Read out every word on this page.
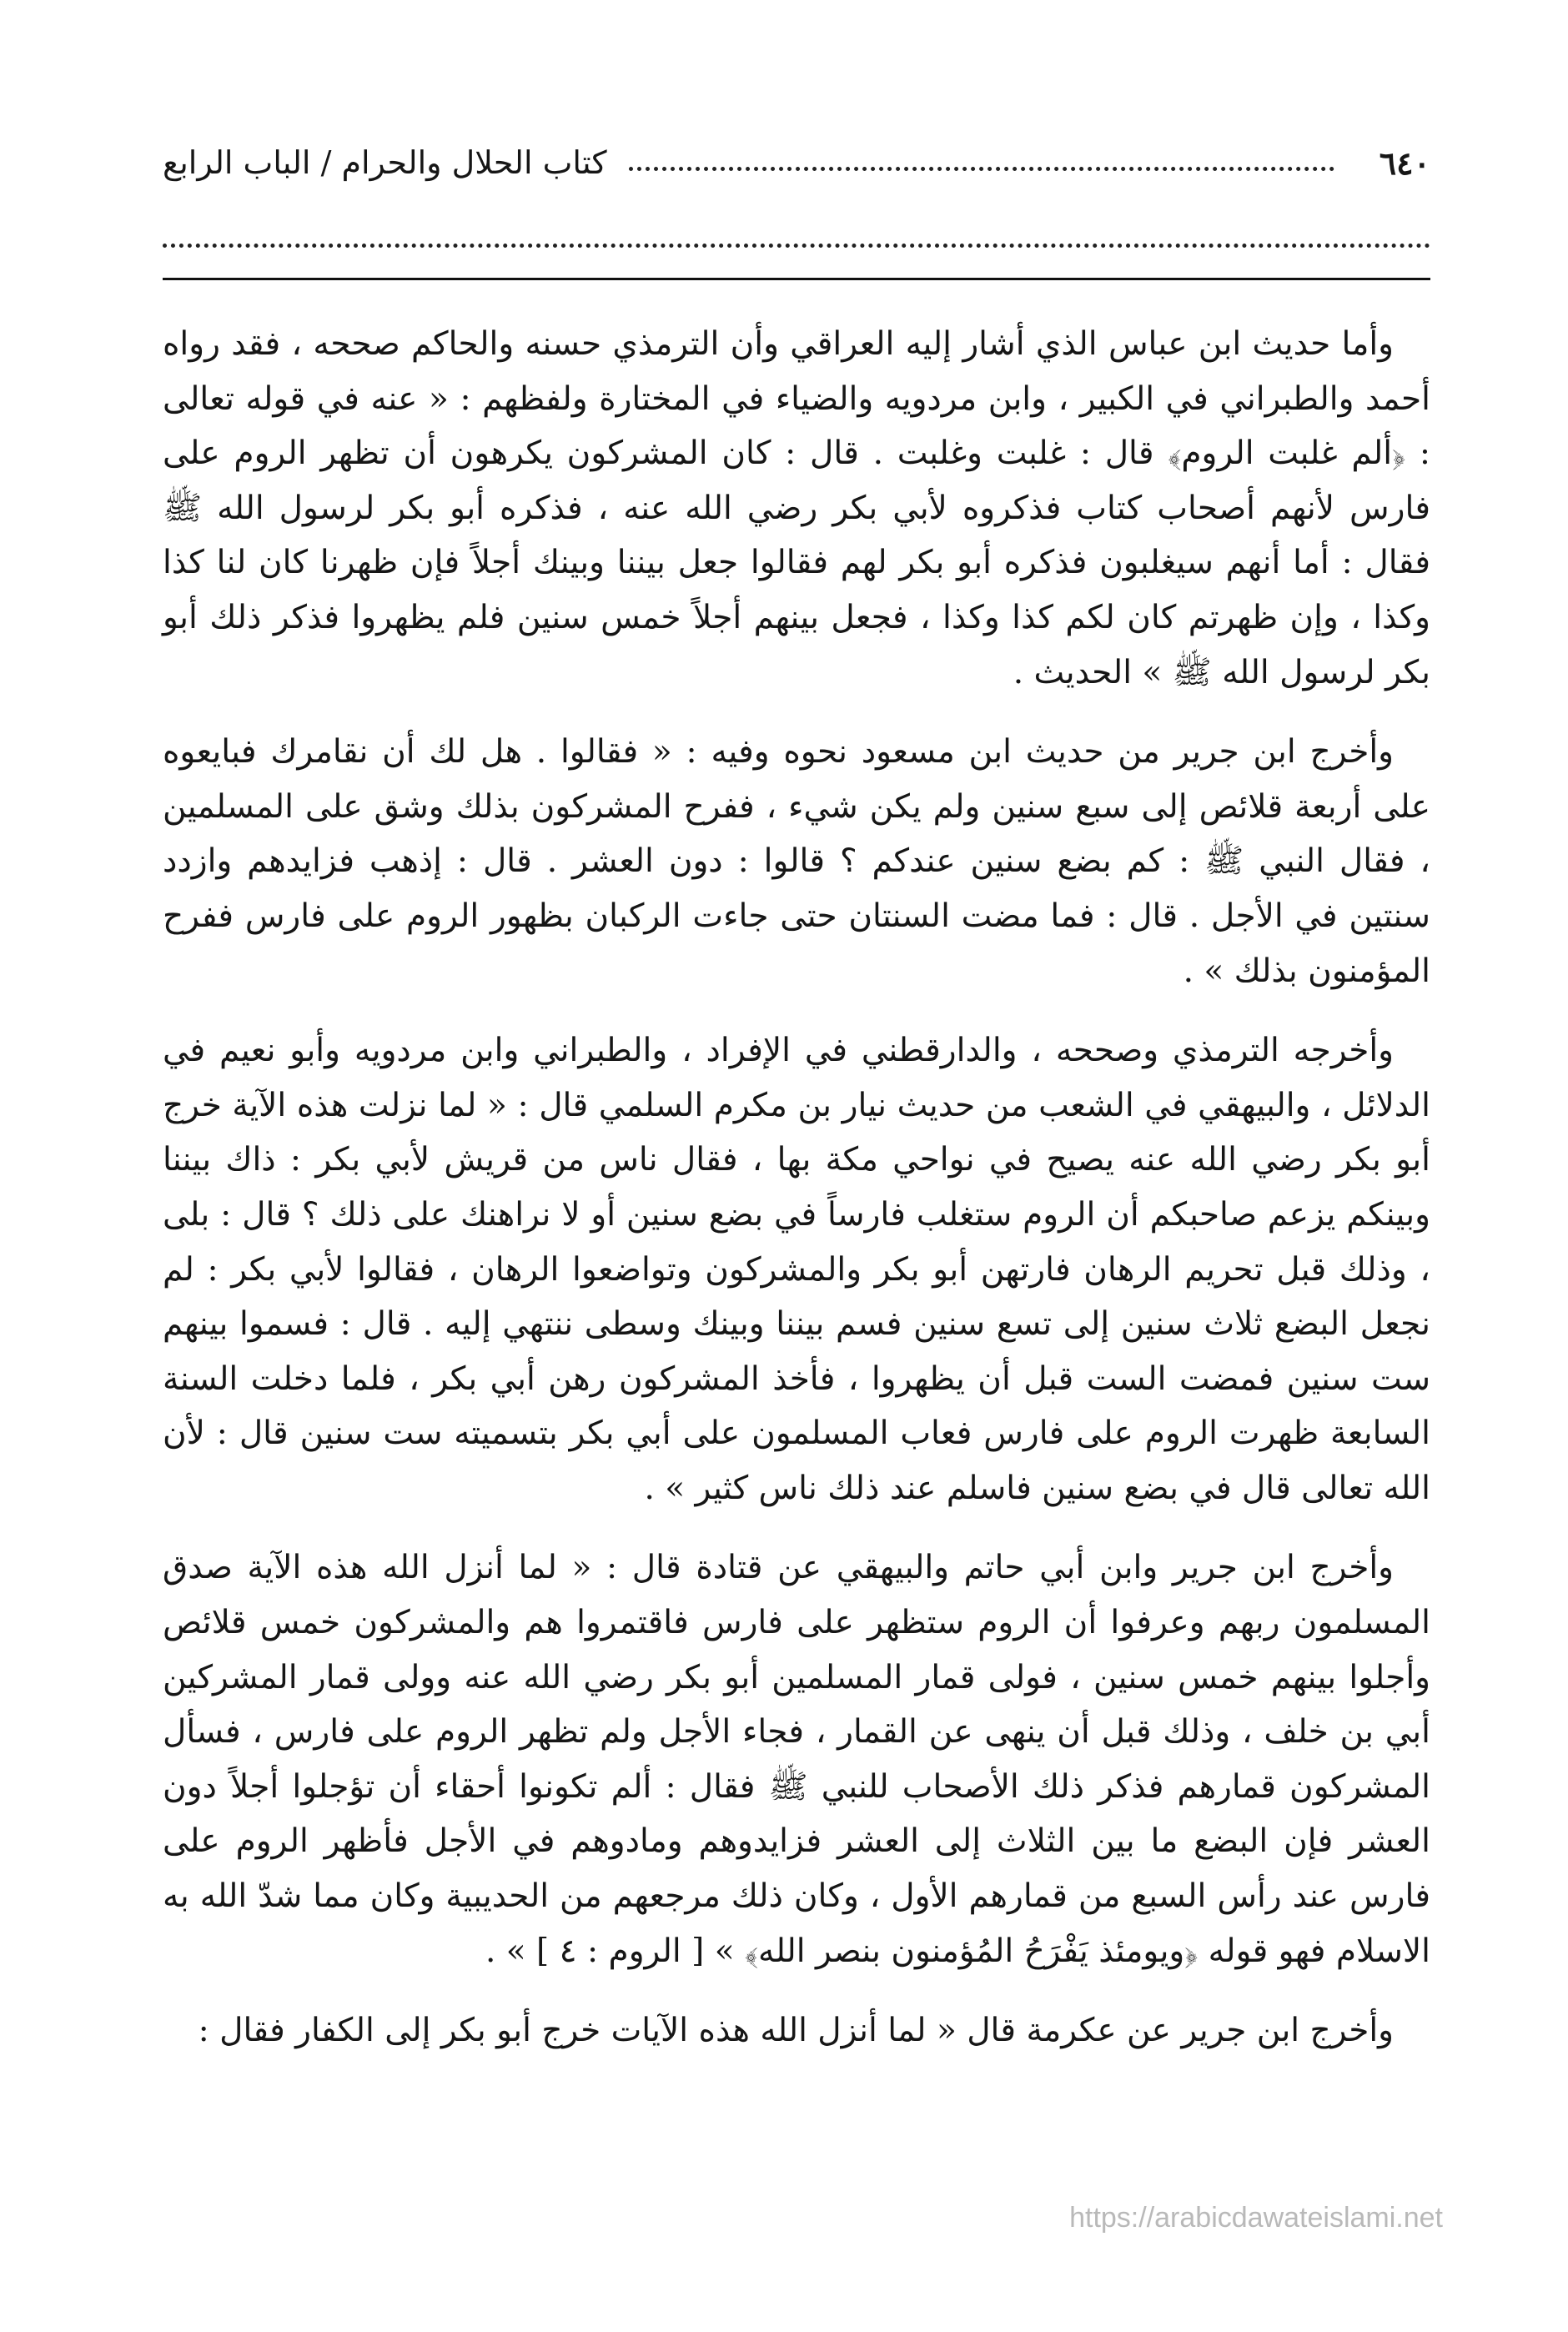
٦٤٠
كتاب الحلال والحرام / الباب الرابع

وأما حديث ابن عباس الذي أشار إليه العراقي وأن الترمذي حسنه والحاكم صححه ، فقد رواه أحمد والطبراني في الكبير ، وابن مردويه والضياء في المختارة ولفظهم : « عنه في قوله تعالى : ﴿ألم غلبت الروم﴾ قال : غلبت وغلبت . قال : كان المشركون يكرهون أن تظهر الروم على فارس لأنهم أصحاب كتاب فذكروه لأبي بكر رضي الله عنه ، فذكره أبو بكر لرسول الله ﷺ فقال : أما أنهم سيغلبون فذكره أبو بكر لهم فقالوا جعل بيننا وبينك أجلاً فإن ظهرنا كان لنا كذا وكذا ، وإن ظهرتم كان لكم كذا وكذا ، فجعل بينهم أجلاً خمس سنين فلم يظهروا فذكر ذلك أبو بكر لرسول الله ﷺ » الحديث .

وأخرج ابن جرير من حديث ابن مسعود نحوه وفيه : « فقالوا . هل لك أن نقامرك فبايعوه على أربعة قلائص إلى سبع سنين ولم يكن شيء ، ففرح المشركون بذلك وشق على المسلمين ، فقال النبي ﷺ : كم بضع سنين عندكم ؟ قالوا : دون العشر . قال : إذهب فزايدهم وازدد سنتين في الأجل . قال : فما مضت السنتان حتى جاءت الركبان بظهور الروم على فارس ففرح المؤمنون بذلك » .

وأخرجه الترمذي وصححه ، والدارقطني في الإفراد ، والطبراني وابن مردويه وأبو نعيم في الدلائل ، والبيهقي في الشعب من حديث نيار بن مكرم السلمي قال : « لما نزلت هذه الآية خرج أبو بكر رضي الله عنه يصيح في نواحي مكة بها ، فقال ناس من قريش لأبي بكر : ذاك بيننا وبينكم يزعم صاحبكم أن الروم ستغلب فارساً في بضع سنين أو لا نراهنك على ذلك ؟ قال : بلى ، وذلك قبل تحريم الرهان فارتهن أبو بكر والمشركون وتواضعوا الرهان ، فقالوا لأبي بكر : لم نجعل البضع ثلاث سنين إلى تسع سنين فسم بيننا وبينك وسطى ننتهي إليه . قال : فسموا بينهم ست سنين فمضت الست قبل أن يظهروا ، فأخذ المشركون رهن أبي بكر ، فلما دخلت السنة السابعة ظهرت الروم على فارس فعاب المسلمون على أبي بكر بتسميته ست سنين قال : لأن الله تعالى قال في بضع سنين فاسلم عند ذلك ناس كثير » .

وأخرج ابن جرير وابن أبي حاتم والبيهقي عن قتادة قال : « لما أنزل الله هذه الآية صدق المسلمون ربهم وعرفوا أن الروم ستظهر على فارس فاقتمروا هم والمشركون خمس قلائص وأجلوا بينهم خمس سنين ، فولى قمار المسلمين أبو بكر رضي الله عنه وولى قمار المشركين أبي بن خلف ، وذلك قبل أن ينهى عن القمار ، فجاء الأجل ولم تظهر الروم على فارس ، فسأل المشركون قمارهم فذكر ذلك الأصحاب للنبي ﷺ فقال : ألم تكونوا أحقاء أن تؤجلوا أجلاً دون العشر فإن البضع ما بين الثلاث إلى العشر فزايدوهم ومادوهم في الأجل فأظهر الروم على فارس عند رأس السبع من قمارهم الأول ، وكان ذلك مرجعهم من الحديبية وكان مما شدّ الله به الاسلام فهو قوله ﴿ويومئذ يَفْرَحُ المُؤمنون بنصر الله﴾ » [ الروم : ٤ ] » .

وأخرج ابن جرير عن عكرمة قال « لما أنزل الله هذه الآيات خرج أبو بكر إلى الكفار فقال :

https://arabicdawateislami.net
